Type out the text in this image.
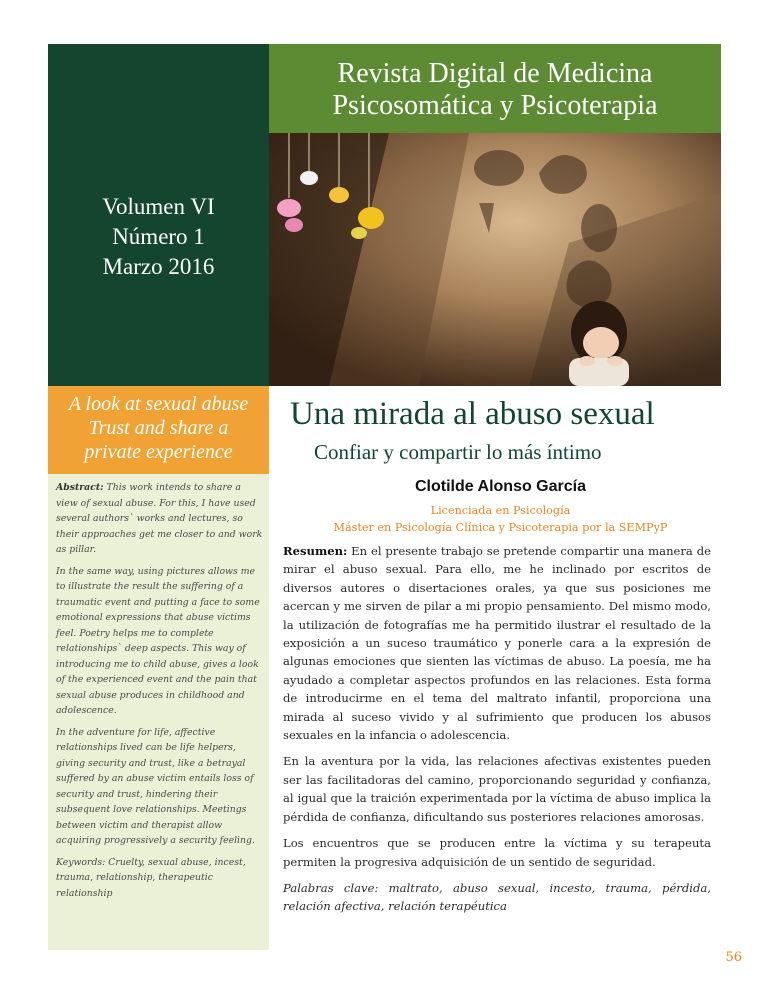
Revista Digital de Medicina
Psicosomática y Psicoterapia
Volumen VI
Número 1
Marzo 2016
A look at sexual abuse
Trust and share a
private experience

Abstract: This work intends to share a view of sexual abuse. For this, I have used several authors` works and lectures, so their approaches get me closer to and work as pillar.

In the same way, using pictures allows me to illustrate the result the suffering of a traumatic event and putting a face to some emotional expressions that abuse victims feel. Poetry helps me to complete relationships` deep aspects. This way of introducing me to child abuse, gives a look of the experienced event and the pain that sexual abuse produces in childhood and adolescence.

In the adventure for life, affective relationships lived can be life helpers, giving security and trust, like a betrayal suffered by an abuse victim entails loss of security and trust, hindering their subsequent love relationships. Meetings between victim and therapist allow acquiring progressively a security feeling.

Keywords: Cruelty, sexual abuse, incest, trauma, relationship, therapeutic relationship

Una mirada al abuso sexual
Confiar y compartir lo más íntimo
Clotilde Alonso García
Licenciada en Psicología
Máster en Psicología Clínica y Psicoterapia por la SEMPyP

Resumen: En el presente trabajo se pretende compartir una manera de mirar el abuso sexual. Para ello, me he inclinado por escritos de diversos autores o disertaciones orales, ya que sus posiciones me acercan y me sirven de pilar a mi propio pensamiento. Del mismo modo, la utilización de fotografías me ha permitido ilustrar el resultado de la exposición a un suceso traumático y ponerle cara a la expresión de algunas emociones que sienten las víctimas de abuso. La poesía, me ha ayudado a completar aspectos profundos en las relaciones. Esta forma de introducirme en el tema del maltrato infantil, proporciona una mirada al suceso vivido y al sufrimiento que producen los abusos sexuales en la infancia o adolescencia.

En la aventura por la vida, las relaciones afectivas existentes pueden ser las facilitadoras del camino, proporcionando seguridad y confianza, al igual que la traición experimentada por la víctima de abuso implica la pérdida de confianza, dificultando sus posteriores relaciones amorosas.

Los encuentros que se producen entre la víctima y su terapeuta permiten la progresiva adquisición de un sentido de seguridad.

Palabras clave: maltrato, abuso sexual, incesto, trauma, pérdida, relación afectiva, relación terapéutica

56
